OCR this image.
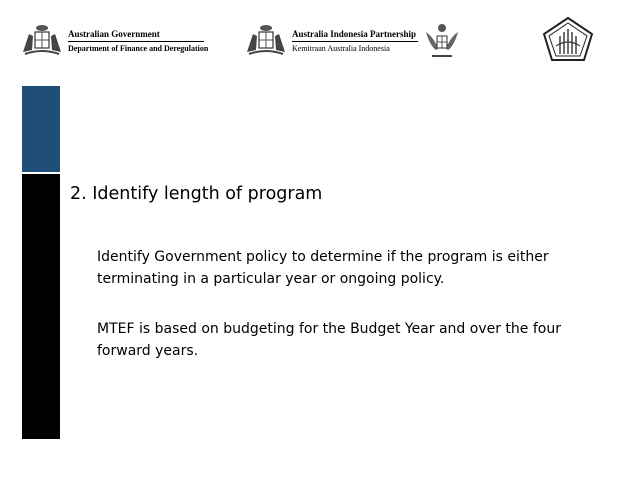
Australian Government
Department of Finance and Deregulation
Australia Indonesia Partnership
Kemitraan Australia Indonesia
2. Identify length of program
Identify Government policy to determine if the program is either terminating in a particular year or ongoing policy.
MTEF is based on budgeting for the Budget Year and over the four forward years.
